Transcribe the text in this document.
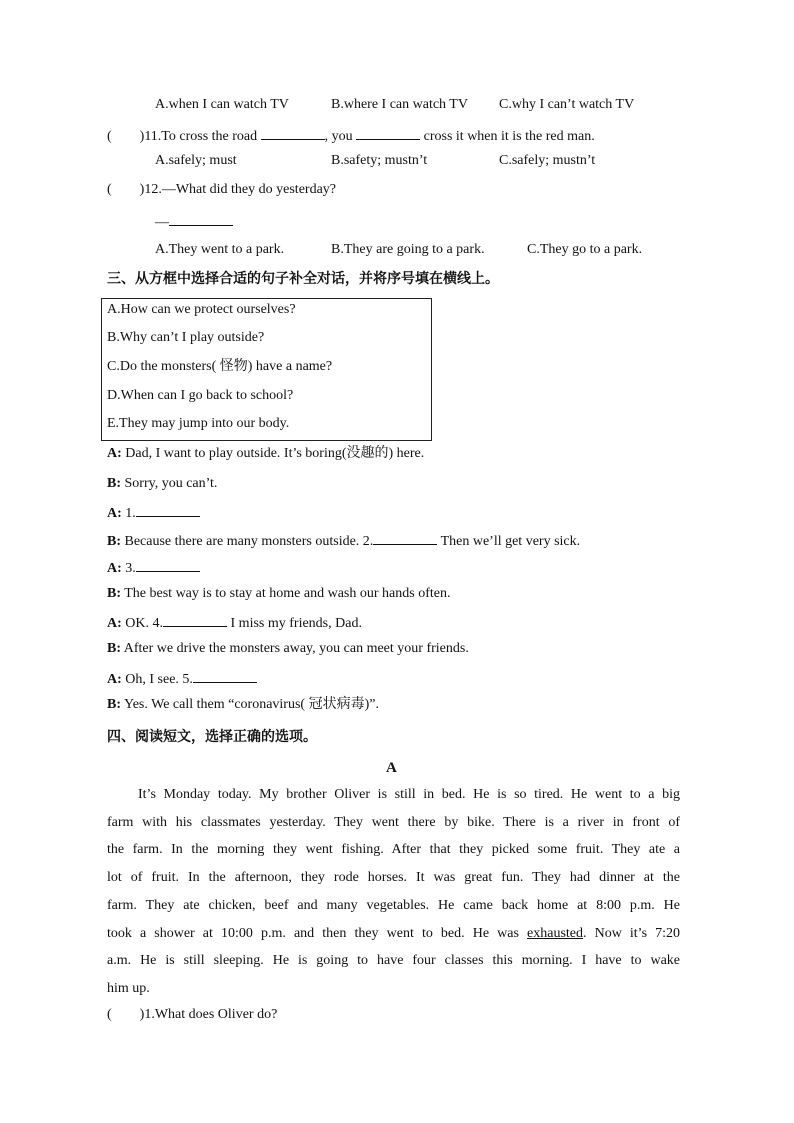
A.when I can watch TV	B.where I can watch TV C.why I can’t watch TV
(        )11.To cross the road	, you	cross it when it is the red man.
A.safely; must	B.safety; mustn’t	C.safely; mustn’t
(        )12.—What did they do yesterday?
—
A.They went to a park.	B.They are going to a park.	C.They go to a park.
三、从方框中选择合适的句子补全对话，并将序号填在横线上。
A.How can we protect ourselves?
B.Why can’t I play outside?
C.Do the monsters( 怪物) have a name?
D.When can I go back to school?
E.They may jump into our body.
A: Dad, I want to play outside. It’s boring(没趣的) here.
B: Sorry, you can’t.
A: 1.
B: Because there are many monsters outside. 2.	Then we’ll get very sick.
A: 3.
B: The best way is to stay at home and wash our hands often.
A: OK. 4.	I miss my friends, Dad.
B: After we drive the monsters away, you can meet your friends.
A: Oh, I see. 5.
B: Yes. We call them “coronavirus( 冠状病毒)”.
四、阅读短文，选择正确的选项。
A
It’s Monday today. My brother Oliver is still in bed. He is so tired. He went to a big
farm with his classmates yesterday. They went there by bike. There is a river in front of
the farm. In the morning they went fishing. After that they picked some fruit. They ate a
lot of fruit. In the afternoon, they rode horses. It was great fun. They had dinner at the
farm. They ate chicken, beef and many vegetables. He came back home at 8:00 p.m. He
took a shower at 10:00 p.m. and then they went to bed. He was exhausted. Now it’s 7:20
a.m. He is still sleeping. He is going to have four classes this morning. I have to wake
him up.
(        )1.What does Oliver do?
